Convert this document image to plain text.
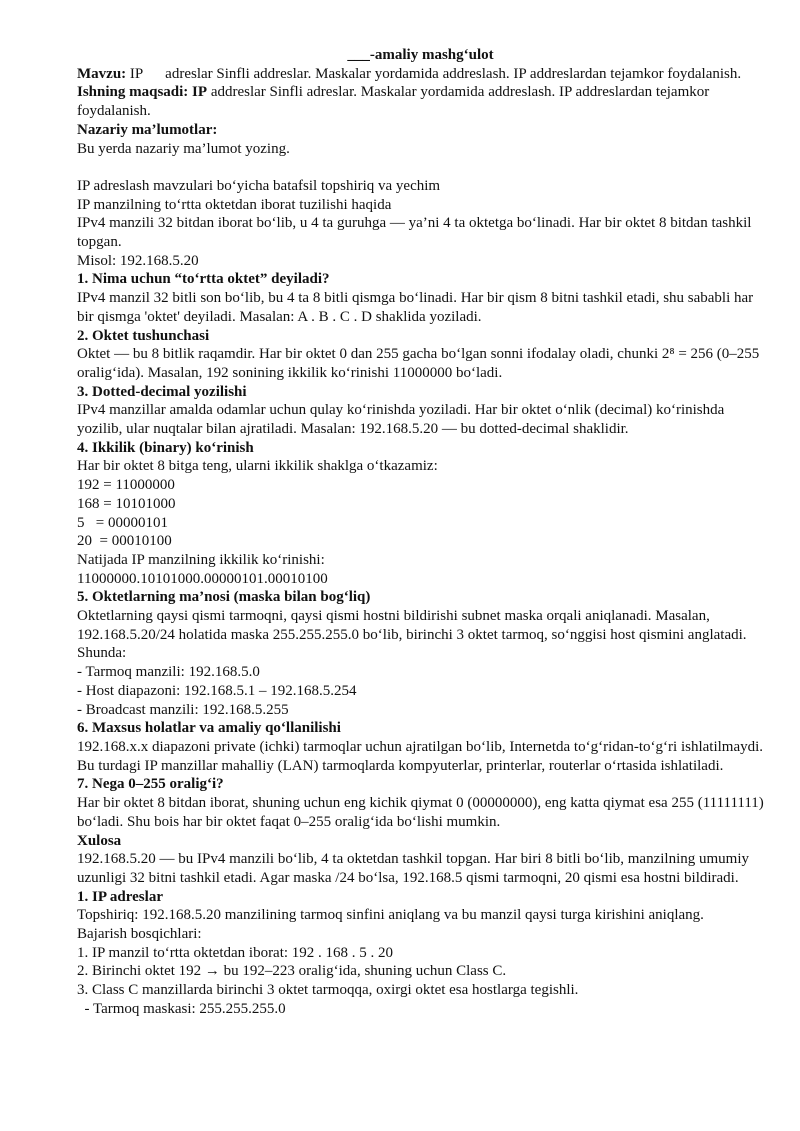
___-amaliy mashg‘ulot

Mavzu: IP      adreslar Sinfli addreslar. Maskalar yordamida addreslash. IP addreslardan tejamkor foydalanish.

Ishning maqsadi: IP addreslar Sinfli adreslar. Maskalar yordamida addreslash. IP addreslardan tejamkor foydalanish.

Nazariy ma’lumotlar:

Bu yerda nazariy ma’lumot yozing.

IP adreslash mavzulari bo‘yicha batafsil topshiriq va yechim

IP manzilning to‘rtta oktetdan iborat tuzilishi haqida

IPv4 manzili 32 bitdan iborat bo‘lib, u 4 ta guruhga — ya’ni 4 ta oktetga bo‘linadi. Har bir oktet 8 bitdan tashkil topgan.

Misol: 192.168.5.20

1. Nima uchun “to‘rtta oktet” deyiladi?

IPv4 manzil 32 bitli son bo‘lib, bu 4 ta 8 bitli qismga bo‘linadi. Har bir qism 8 bitni tashkil etadi, shu sababli har bir qismga 'oktet' deyiladi. Masalan: A . B . C . D shaklida yoziladi.

2. Oktet tushunchasi

Oktet — bu 8 bitlik raqamdir. Har bir oktet 0 dan 255 gacha bo‘lgan sonni ifodalay oladi, chunki 2⁸ = 256 (0–255 oralig‘ida). Masalan, 192 sonining ikkilik ko‘rinishi 11000000 bo‘ladi.

3. Dotted-decimal yozilishi

IPv4 manzillar amalda odamlar uchun qulay ko‘rinishda yoziladi. Har bir oktet o‘nlik (decimal) ko‘rinishda yozilib, ular nuqtalar bilan ajratiladi. Masalan: 192.168.5.20 — bu dotted-decimal shaklidir.

4. Ikkilik (binary) ko‘rinish

Har bir oktet 8 bitga teng, ularni ikkilik shaklga o‘tkazamiz:

192 = 11000000

168 = 10101000

5   = 00000101

20  = 00010100

Natijada IP manzilning ikkilik ko‘rinishi:

11000000.10101000.00000101.00010100

5. Oktetlarning ma’nosi (maska bilan bog‘liq)

Oktetlarning qaysi qismi tarmoqni, qaysi qismi hostni bildirishi subnet maska orqali aniqlanadi. Masalan, 192.168.5.20/24 holatida maska 255.255.255.0 bo‘lib, birinchi 3 oktet tarmoq, so‘nggisi host qismini anglatadi. Shunda:

- Tarmoq manzili: 192.168.5.0

- Host diapazoni: 192.168.5.1 – 192.168.5.254

- Broadcast manzili: 192.168.5.255

6. Maxsus holatlar va amaliy qo‘llanilishi

192.168.x.x diapazoni private (ichki) tarmoqlar uchun ajratilgan bo‘lib, Internetda to‘g‘ridan-to‘g‘ri ishlatilmaydi. Bu turdagi IP manzillar mahalliy (LAN) tarmoqlarda kompyuterlar, printerlar, routerlar o‘rtasida ishlatiladi.

7. Nega 0–255 oralig‘i?

Har bir oktet 8 bitdan iborat, shuning uchun eng kichik qiymat 0 (00000000), eng katta qiymat esa 255 (11111111) bo‘ladi. Shu bois har bir oktet faqat 0–255 oralig‘ida bo‘lishi mumkin.

Xulosa

192.168.5.20 — bu IPv4 manzili bo‘lib, 4 ta oktetdan tashkil topgan. Har biri 8 bitli bo‘lib, manzilning umumiy uzunligi 32 bitni tashkil etadi. Agar maska /24 bo‘lsa, 192.168.5 qismi tarmoqni, 20 qismi esa hostni bildiradi.

1. IP adreslar

Topshiriq: 192.168.5.20 manzilining tarmoq sinfini aniqlang va bu manzil qaysi turga kirishini aniqlang.

Bajarish bosqichlari:

1. IP manzil to‘rtta oktetdan iborat: 192 . 168 . 5 . 20

2. Birinchi oktet 192 → bu 192–223 oralig‘ida, shuning uchun Class C.

3. Class C manzillarda birinchi 3 oktet tarmoqqa, oxirgi oktet esa hostlarga tegishli.

- Tarmoq maskasi: 255.255.255.0
